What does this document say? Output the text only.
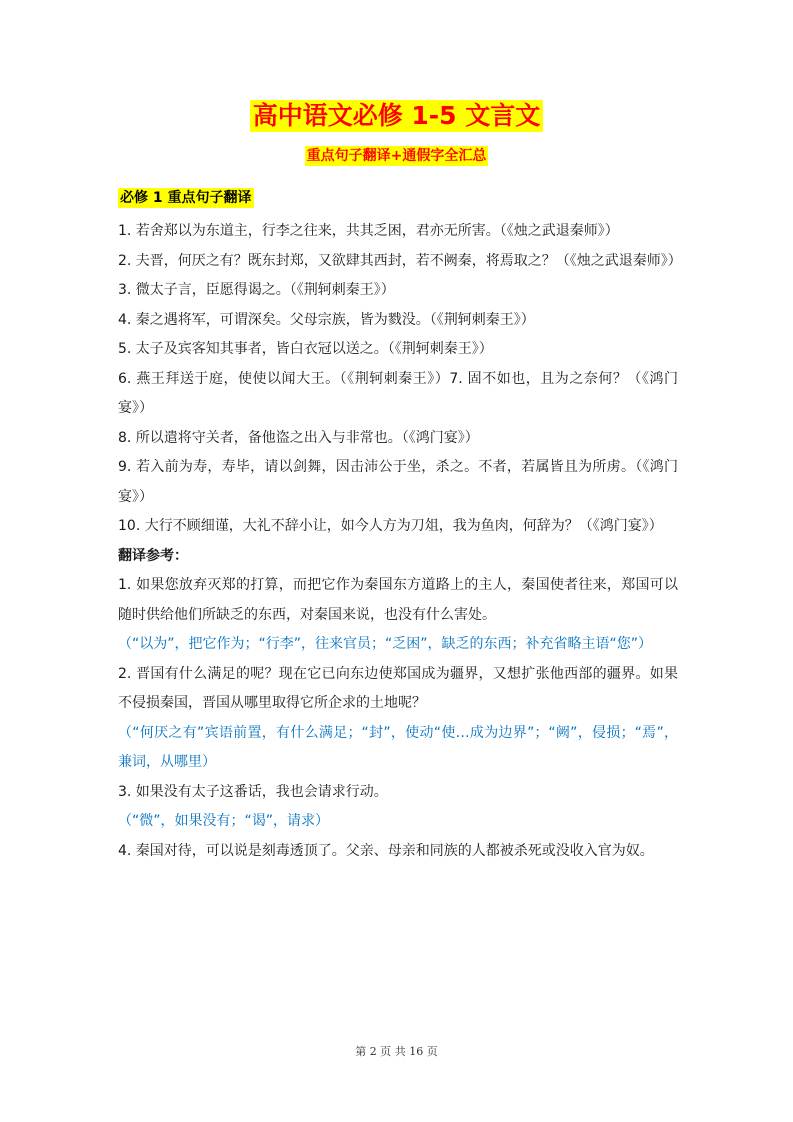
高中语文必修 1-5 文言文
重点句子翻译+通假字全汇总
必修 1 重点句子翻译

1. 若舍郑以为东道主，行李之往来，共其乏困，君亦无所害。（《烛之武退秦师》）

2. 夫晋，何厌之有？既东封郑，又欲肆其西封，若不阙秦，将焉取之？（《烛之武退秦师》）

3. 微太子言，臣愿得谒之。（《荆轲刺秦王》）

4. 秦之遇将军，可谓深矣。父母宗族，皆为戮没。（《荆轲刺秦王》）

5. 太子及宾客知其事者，皆白衣冠以送之。（《荆轲刺秦王》）

6. 燕王拜送于庭，使使以闻大王。（《荆轲刺秦王》）7. 固不如也，且为之奈何？（《鸿门宴》）

8. 所以遣将守关者，备他盗之出入与非常也。（《鸿门宴》）

9. 若入前为寿，寿毕，请以剑舞，因击沛公于坐，杀之。不者，若属皆且为所虏。（《鸿门宴》）

10. 大行不顾细谨，大礼不辞小让，如今人方为刀俎，我为鱼肉，何辞为？（《鸿门宴》）

翻译参考：

1. 如果您放弃灭郑的打算，而把它作为秦国东方道路上的主人，秦国使者往来，郑国可以随时供给他们所缺乏的东西，对秦国来说，也没有什么害处。

（“以为”，把它作为；“行李”，往来官员；“乏困”，缺乏的东西；补充省略主语“您”）

2. 晋国有什么满足的呢？现在它已向东边使郑国成为疆界，又想扩张他西部的疆界。如果不侵损秦国，晋国从哪里取得它所企求的土地呢？

（“何厌之有”宾语前置，有什么满足；“封”，使动“使…成为边界”；“阙”，侵损；“焉”，兼词，从哪里）

3. 如果没有太子这番话，我也会请求行动。

（“微”，如果没有；“谒”，请求）

4. 秦国对待，可以说是刻毒透顶了。父亲、母亲和同族的人都被杀死或没收入官为奴。

第 2 页 共 16 页
